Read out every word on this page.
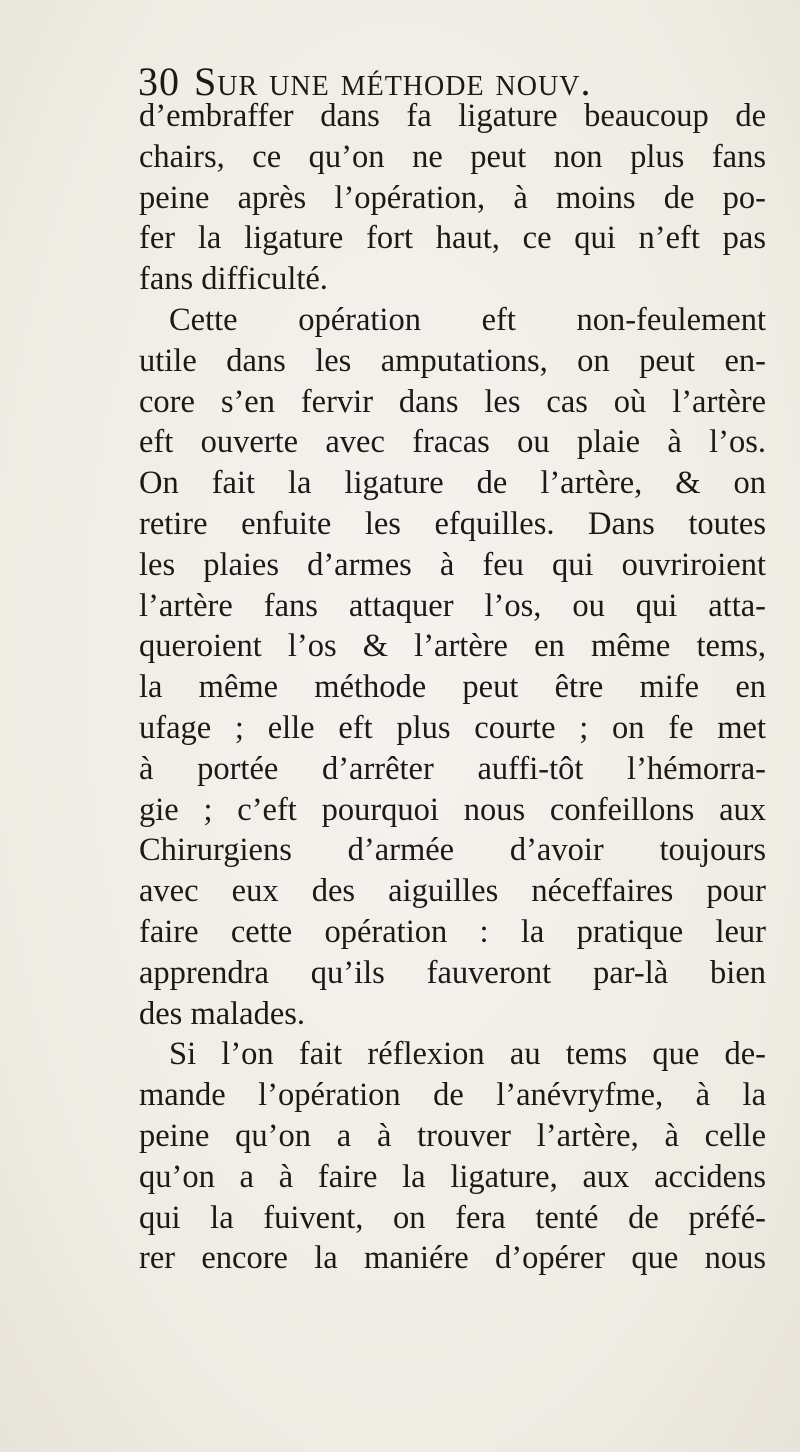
30 Sur une méthode nouv.
d’embraffer dans fa ligature beaucoup de
chairs, ce qu’on ne peut non plus fans
peine après l’opération, à moins de po-
fer la ligature fort haut, ce qui n’eft pas
fans difficulté.
Cette opération eft non-feulement
utile dans les amputations, on peut en-
core s’en fervir dans les cas où l’artère
eft ouverte avec fracas ou plaie à l’os.
On fait la ligature de l’artère, & on
retire enfuite les efquilles. Dans toutes
les plaies d’armes à feu qui ouvriroient
l’artère fans attaquer l’os, ou qui atta-
queroient l’os & l’artère en même tems,
la même méthode peut être mife en
ufage ; elle eft plus courte ; on fe met
à portée d’arrêter auffi-tôt l’hémorra-
gie ; c’eft pourquoi nous confeillons aux
Chirurgiens d’armée d’avoir toujours
avec eux des aiguilles néceffaires pour
faire cette opération : la pratique leur
apprendra qu’ils fauveront par-là bien
des malades.
Si l’on fait réflexion au tems que de-
mande l’opération de l’anévryfme, à la
peine qu’on a à trouver l’artère, à celle
qu’on a à faire la ligature, aux accidens
qui la fuivent, on fera tenté de préfé-
rer encore la maniére d’opérer que nous
